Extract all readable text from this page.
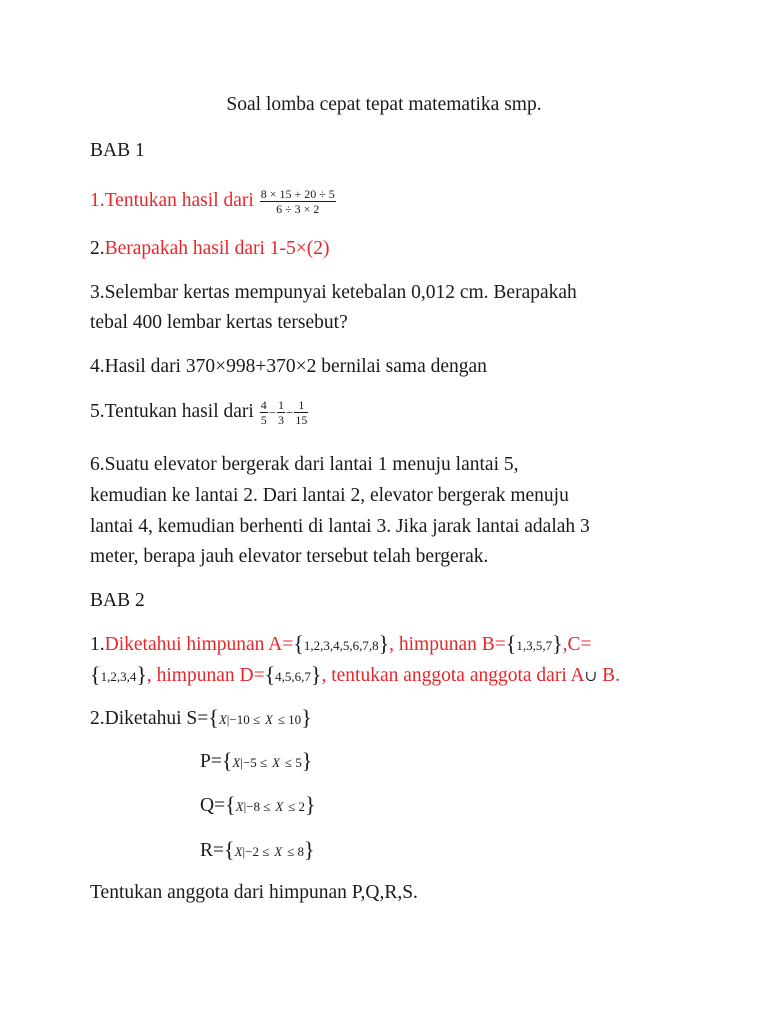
Soal lomba cepat tepat matematika smp.
BAB 1
1.Tentukan hasil dari $\frac{8 \times 15 + 20 \div 5}{6 \div 3 \times 2}$
2.Berapakah hasil dari 1-5×(2)
3.Selembar kertas mempunyai ketebalan 0,012 cm. Berapakah
tebal 400 lembar kertas tersebut?
4.Hasil dari 370×998+370×2 bernilai sama dengan
5.Tentukan hasil dari $\frac{4}{5} - \frac{1}{3} - \frac{1}{15}$
6.Suatu elevator bergerak dari lantai 1 menuju lantai 5,
kemudian ke lantai 2. Dari lantai 2, elevator bergerak menuju
lantai 4, kemudian berhenti di lantai 3. Jika jarak lantai adalah 3
meter, berapa jauh elevator tersebut telah bergerak.
BAB 2
1.Diketahui himpunan A={1,2,3,4,5,6,7,8}, himpunan B={1,3,5,7},C=
{1,2,3,4}, himpunan D={4,5,6,7}, tentukan anggota anggota dari A∪ B.
2.Diketahui S={X|−10 ≤ X ≤ 10}
P={X|−5 ≤ X ≤ 5}
Q={X|−8 ≤ X ≤ 2}
R={X|−2 ≤ X ≤ 8}
Tentukan anggota dari himpunan P,Q,R,S.
